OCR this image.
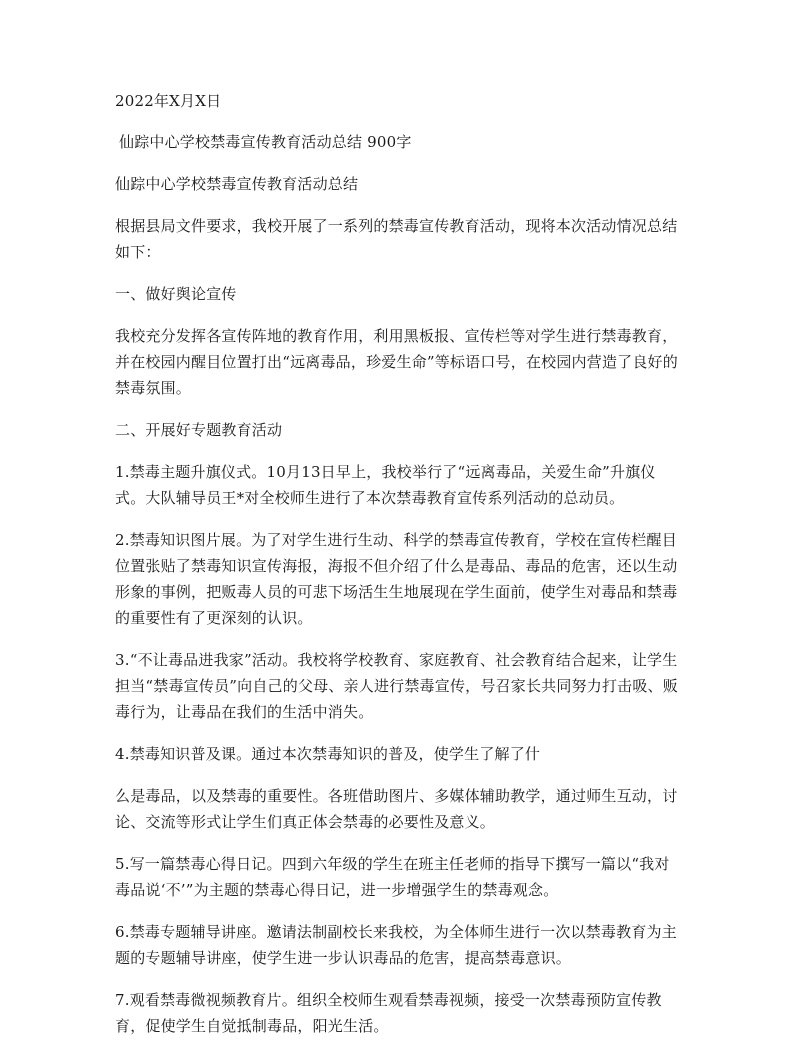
2022年X月X日

仙踪中心学校禁毒宣传教育活动总结 900字

仙踪中心学校禁毒宣传教育活动总结

根据县局文件要求，我校开展了一系列的禁毒宣传教育活动，现将本次活动情况总结如下：

一、做好舆论宣传

我校充分发挥各宣传阵地的教育作用，利用黑板报、宣传栏等对学生进行禁毒教育，并在校园内醒目位置打出“远离毒品，珍爱生命”等标语口号，在校园内营造了良好的禁毒氛围。

二、开展好专题教育活动

1.禁毒主题升旗仪式。10月13日早上，我校举行了“远离毒品，关爱生命”升旗仪式。大队辅导员王*对全校师生进行了本次禁毒教育宣传系列活动的总动员。

2.禁毒知识图片展。为了对学生进行生动、科学的禁毒宣传教育，学校在宣传栏醒目位置张贴了禁毒知识宣传海报，海报不但介绍了什么是毒品、毒品的危害，还以生动形象的事例，把贩毒人员的可悲下场活生生地展现在学生面前，使学生对毒品和禁毒的重要性有了更深刻的认识。

3.“不让毒品进我家”活动。我校将学校教育、家庭教育、社会教育结合起来，让学生担当“禁毒宣传员”向自己的父母、亲人进行禁毒宣传，号召家长共同努力打击吸、贩毒行为，让毒品在我们的生活中消失。

4.禁毒知识普及课。通过本次禁毒知识的普及，使学生了解了什

么是毒品，以及禁毒的重要性。各班借助图片、多媒体辅助教学，通过师生互动，讨论、交流等形式让学生们真正体会禁毒的必要性及意义。

5.写一篇禁毒心得日记。四到六年级的学生在班主任老师的指导下撰写一篇以“我对毒品说‘不’”为主题的禁毒心得日记，进一步增强学生的禁毒观念。

6.禁毒专题辅导讲座。邀请法制副校长来我校，为全体师生进行一次以禁毒教育为主题的专题辅导讲座，使学生进一步认识毒品的危害，提高禁毒意识。

7.观看禁毒微视频教育片。组织全校师生观看禁毒视频，接受一次禁毒预防宣传教育，促使学生自觉抵制毒品，阳光生活。
